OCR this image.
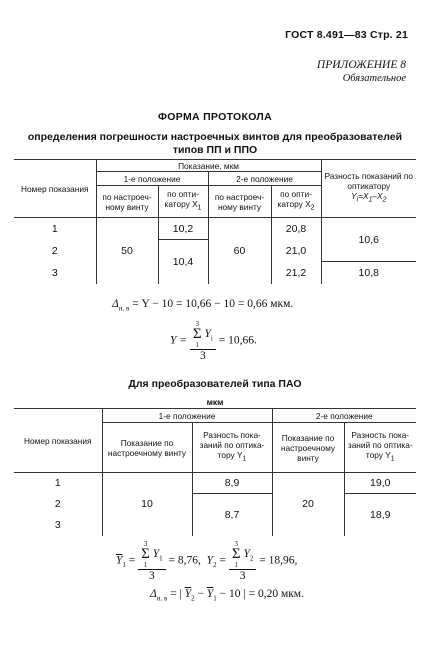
ГОСТ 8.491—83 Стр. 21
ПРИЛОЖЕНИЕ 8
Обязательное
ФОРМА ПРОТОКОЛА
определения погрешности настроечных винтов для преобразователей
типов ПП и ППО
Номер показания	Показание, мкм				Разность показаний по оптикатору
$Y_i=X_1-X_2$

	1-е положение		2-е положение		
	по настроеч-ному винту	по опти-катору $X_1$	по настроеч-ному винту	по опти-катору $X_2$
1	50	10,2	60	20,8	10,6
2		10,4		21,0	
3				21,2	10,8
$\Delta_{н. в} = Y - 10 = 10,66 - 10 = 0,66$ мкм.
Y = 3
Σ
1
$Y_i$
3 = 10,66.
Для преобразователей типа ПАО
мкм
Номер показания	1-е положение		2-е положение	
	Показание по настроечному винту	Разность пока-заний по оптика-тору $Y_1$	Показание по настроечному винту	Разность пока-заний по оптика-тору $Y_1$
1	10	8,9	20	19,0
2		8,7		18,9
3				
$\overline{Y}_1 = 3$
Σ
1
$Y_1$
3 = 8,76, $Y_2 = 3$
Σ
1
$Y_2$
3 = 18,96,
$\Delta_{н. в}$ = | $\overline{Y}_2 - \overline{Y}_1 - 10$ | = 0,20 мкм.
